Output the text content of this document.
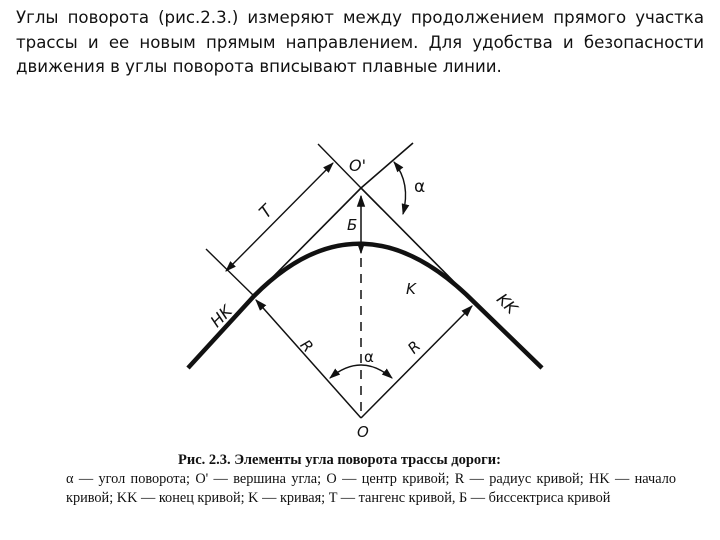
Углы поворота (рис.2.3.) измеряют между продолжением прямого участка трассы и ее новым прямым направлением. Для удобства и безопасности движения в углы поворота вписывают плавные линии.
O'
O
α
α
Б
K
T
HK	KK
R	R
Рис. 2.3. Элементы угла поворота трассы дороги:
α — угол поворота; O' — вершина угла; O — центр кривой; R — радиус кривой; HK — начало кривой; KK — конец кривой; K — кривая; T — тангенс кривой, Б — биссектриса кривой
